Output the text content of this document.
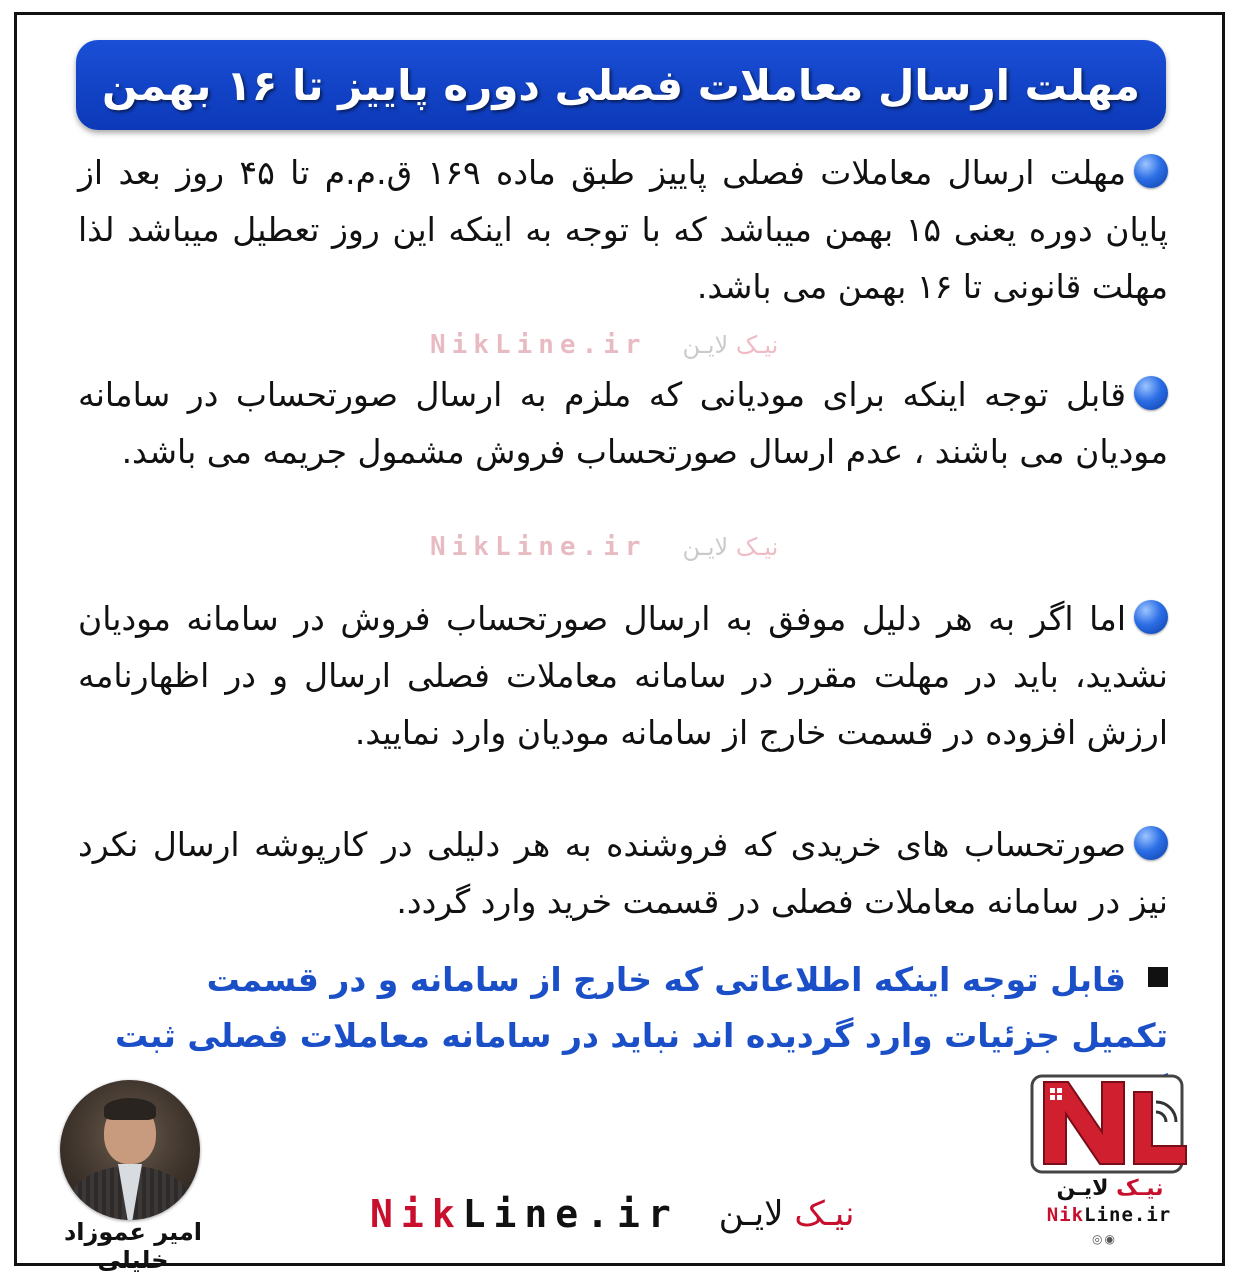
مهلت ارسال معاملات فصلی دوره پاییز تا ۱۶ بهمن
مهلت ارسال معاملات فصلی پاییز طبق ماده ۱۶۹ ق.م.م تا ۴۵ روز بعد از پایان دوره یعنی ۱۵ بهمن میباشد که با توجه به اینکه این روز تعطیل میباشد لذا مهلت قانونی تا ۱۶ بهمن می باشد.
NikLine.ir	نیـک لایـن
قابل توجه اینکه برای مودیانی که ملزم به ارسال صورتحساب در سامانه مودیان می باشند ، عدم ارسال صورتحساب فروش مشمول جریمه می باشد.
NikLine.ir	نیـک لایـن
اما اگر به هر دلیل موفق به ارسال صورتحساب فروش در سامانه مودیان نشدید، باید در مهلت مقرر در سامانه معاملات فصلی ارسال و در اظهارنامه ارزش افزوده در قسمت خارج از سامانه مودیان وارد نمایید.
صورتحساب های خریدی که فروشنده به هر دلیلی در کارپوشه ارسال نکرد نیز در سامانه معاملات فصلی در قسمت خرید وارد گردد.
قابل توجه اینکه اطلاعاتی که خارج از سامانه و در قسمت تکمیل جزئیات وارد گردیده اند نباید در سامانه معاملات فصلی ثبت
امیر عموزاد خلیلی
NikLine.ir	نیـک لایـن
نیـک لایـن
NikLine.ir
◎◉
